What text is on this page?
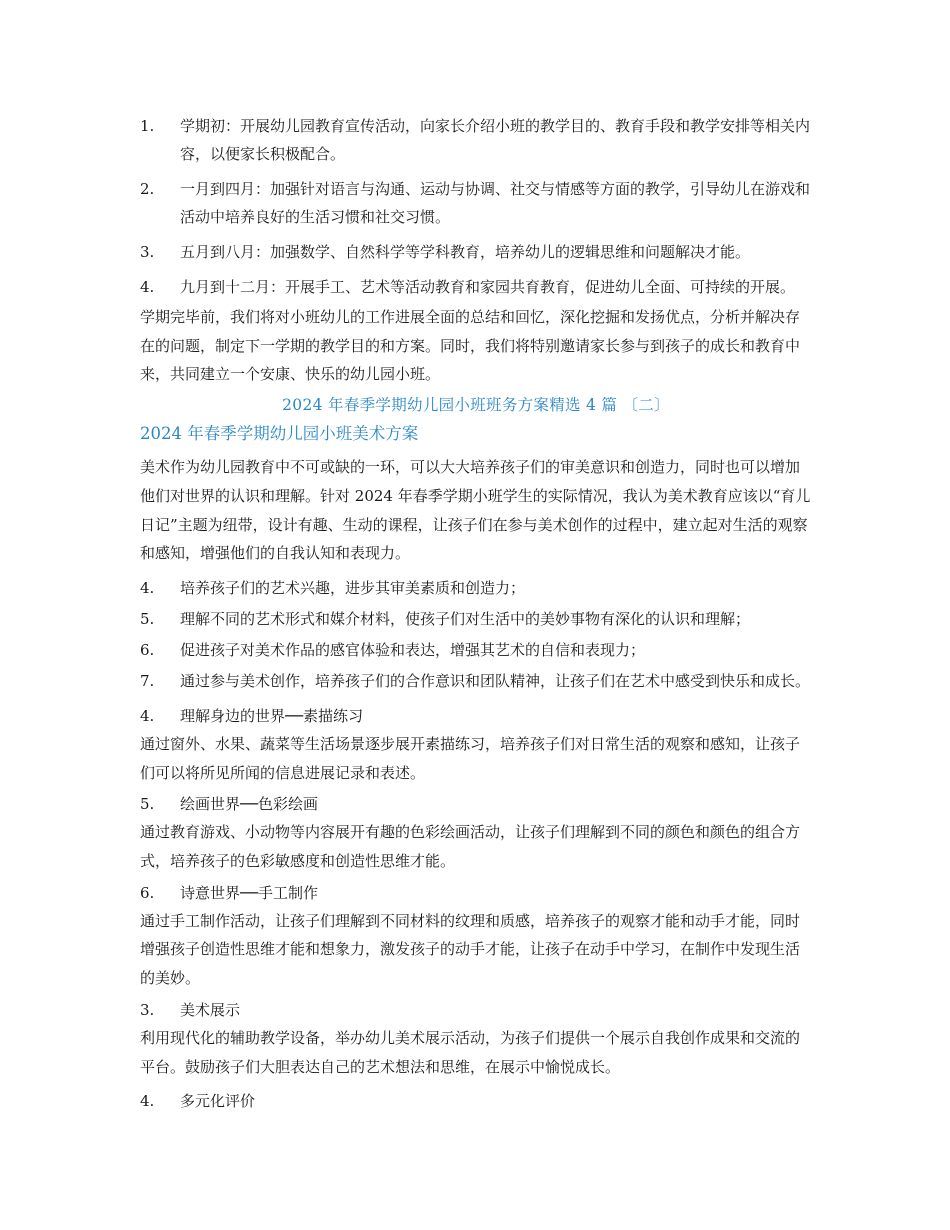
1.	学期初：开展幼儿园教育宣传活动，向家长介绍小班的教学目的、教育手段和教学安排等相关内容，以便家长积极配合。
2.	一月到四月：加强针对语言与沟通、运动与协调、社交与情感等方面的教学，引导幼儿在游戏和活动中培养良好的生活习惯和社交习惯。
3.	五月到八月：加强数学、自然科学等学科教育，培养幼儿的逻辑思维和问题解决才能。
4.	九月到十二月：开展手工、艺术等活动教育和家园共育教育，促进幼儿全面、可持续的开展。

学期完毕前，我们将对小班幼儿的工作进展全面的总结和回忆，深化挖掘和发扬优点，分析并解决存在的问题，制定下一学期的教学目的和方案。同时，我们将特别邀请家长参与到孩子的成长和教育中来，共同建立一个安康、快乐的幼儿园小班。

2024 年春季学期幼儿园小班班务方案精选 4 篇 〔二〕
2024 年春季学期幼儿园小班美术方案

美术作为幼儿园教育中不可或缺的一环，可以大大培养孩子们的审美意识和创造力，同时也可以增加他们对世界的认识和理解。针对 2024 年春季学期小班学生的实际情况，我认为美术教育应该以“育儿日记”主题为纽带，设计有趣、生动的课程，让孩子们在参与美术创作的过程中，建立起对生活的观察和感知，增强他们的自我认知和表现力。

4.	培养孩子们的艺术兴趣，进步其审美素质和创造力；
5.	理解不同的艺术形式和媒介材料，使孩子们对生活中的美妙事物有深化的认识和理解；
6.	促进孩子对美术作品的感官体验和表达，增强其艺术的自信和表现力；
7.	通过参与美术创作，培养孩子们的合作意识和团队精神，让孩子们在艺术中感受到快乐和成长。
4.	理解身边的世界──素描练习

通过窗外、水果、蔬菜等生活场景逐步展开素描练习，培养孩子们对日常生活的观察和感知，让孩子们可以将所见所闻的信息进展记录和表述。

5.	绘画世界──色彩绘画

通过教育游戏、小动物等内容展开有趣的色彩绘画活动，让孩子们理解到不同的颜色和颜色的组合方式，培养孩子的色彩敏感度和创造性思维才能。

6.	诗意世界──手工制作

通过手工制作活动，让孩子们理解到不同材料的纹理和质感，培养孩子的观察才能和动手才能，同时增强孩子创造性思维才能和想象力，激发孩子的动手才能，让孩子在动手中学习，在制作中发现生活的美妙。

3.	美术展示

利用现代化的辅助教学设备，举办幼儿美术展示活动，为孩子们提供一个展示自我创作成果和交流的平台。鼓励孩子们大胆表达自己的艺术想法和思维，在展示中愉悦成长。

4.	多元化评价
